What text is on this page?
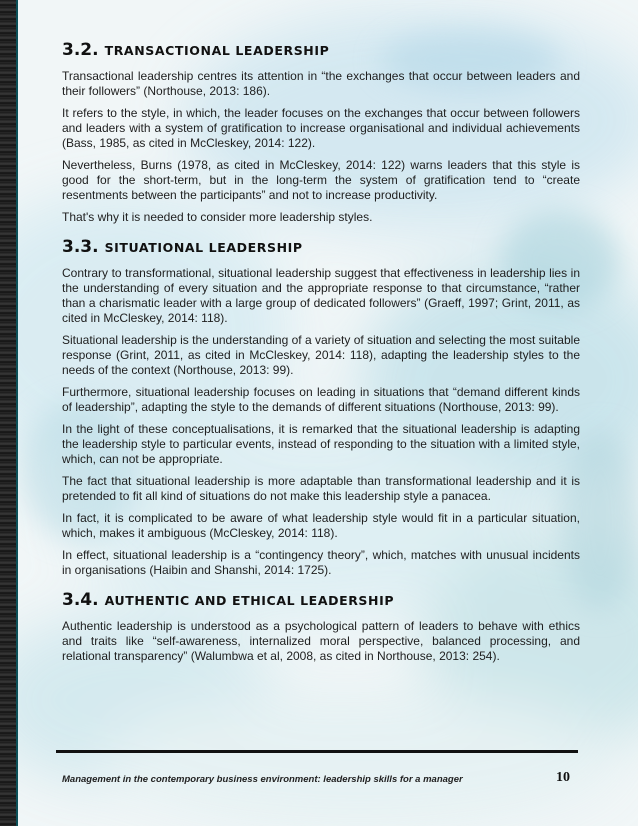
3.2. TRANSACTIONAL LEADERSHIP

Transactional leadership centres its attention in “the exchanges that occur between leaders and their followers” (Northouse, 2013: 186).

It refers to the style, in which, the leader focuses on the exchanges that occur between followers and leaders with a system of gratification to increase organisational and individual achievements (Bass, 1985, as cited in McCleskey, 2014: 122).

Nevertheless, Burns (1978, as cited in McCleskey, 2014: 122) warns leaders that this style is good for the short-term, but in the long-term the system of gratification tend to “create resentments between the participants” and not to increase productivity.

That's why it is needed to consider more leadership styles.

3.3. SITUATIONAL LEADERSHIP

Contrary to transformational, situational leadership suggest that effectiveness in leadership lies in the understanding of every situation and the appropriate response to that circumstance, “rather than a charismatic leader with a large group of dedicated followers” (Graeff, 1997; Grint, 2011, as cited in McCleskey, 2014: 118).

Situational leadership is the understanding of a variety of situation and selecting the most suitable response (Grint, 2011, as cited in McCleskey, 2014: 118), adapting the leadership styles to the needs of the context (Northouse, 2013: 99).

Furthermore, situational leadership focuses on leading in situations that “demand different kinds of leadership”, adapting the style to the demands of different situations (Northouse, 2013: 99).

In the light of these conceptualisations, it is remarked that the situational leadership is adapting the leadership style to particular events, instead of responding to the situation with a limited style, which, can not be appropriate.

The fact that situational leadership is more adaptable than transformational leadership and it is pretended to fit all kind of situations do not make this leadership style a panacea.

In fact, it is complicated to be aware of what leadership style would fit in a particular situation, which, makes it ambiguous (McCleskey, 2014: 118).

In effect, situational leadership is a “contingency theory”, which, matches with unusual incidents in organisations (Haibin and Shanshi, 2014: 1725).

3.4. AUTHENTIC AND ETHICAL LEADERSHIP

Authentic leadership is understood as a psychological pattern of leaders to behave with ethics and traits like “self-awareness, internalized moral perspective, balanced processing, and relational transparency” (Walumbwa et al, 2008, as cited in Northouse, 2013: 254).

Management in the contemporary business environment: leadership skills for a manager	10
